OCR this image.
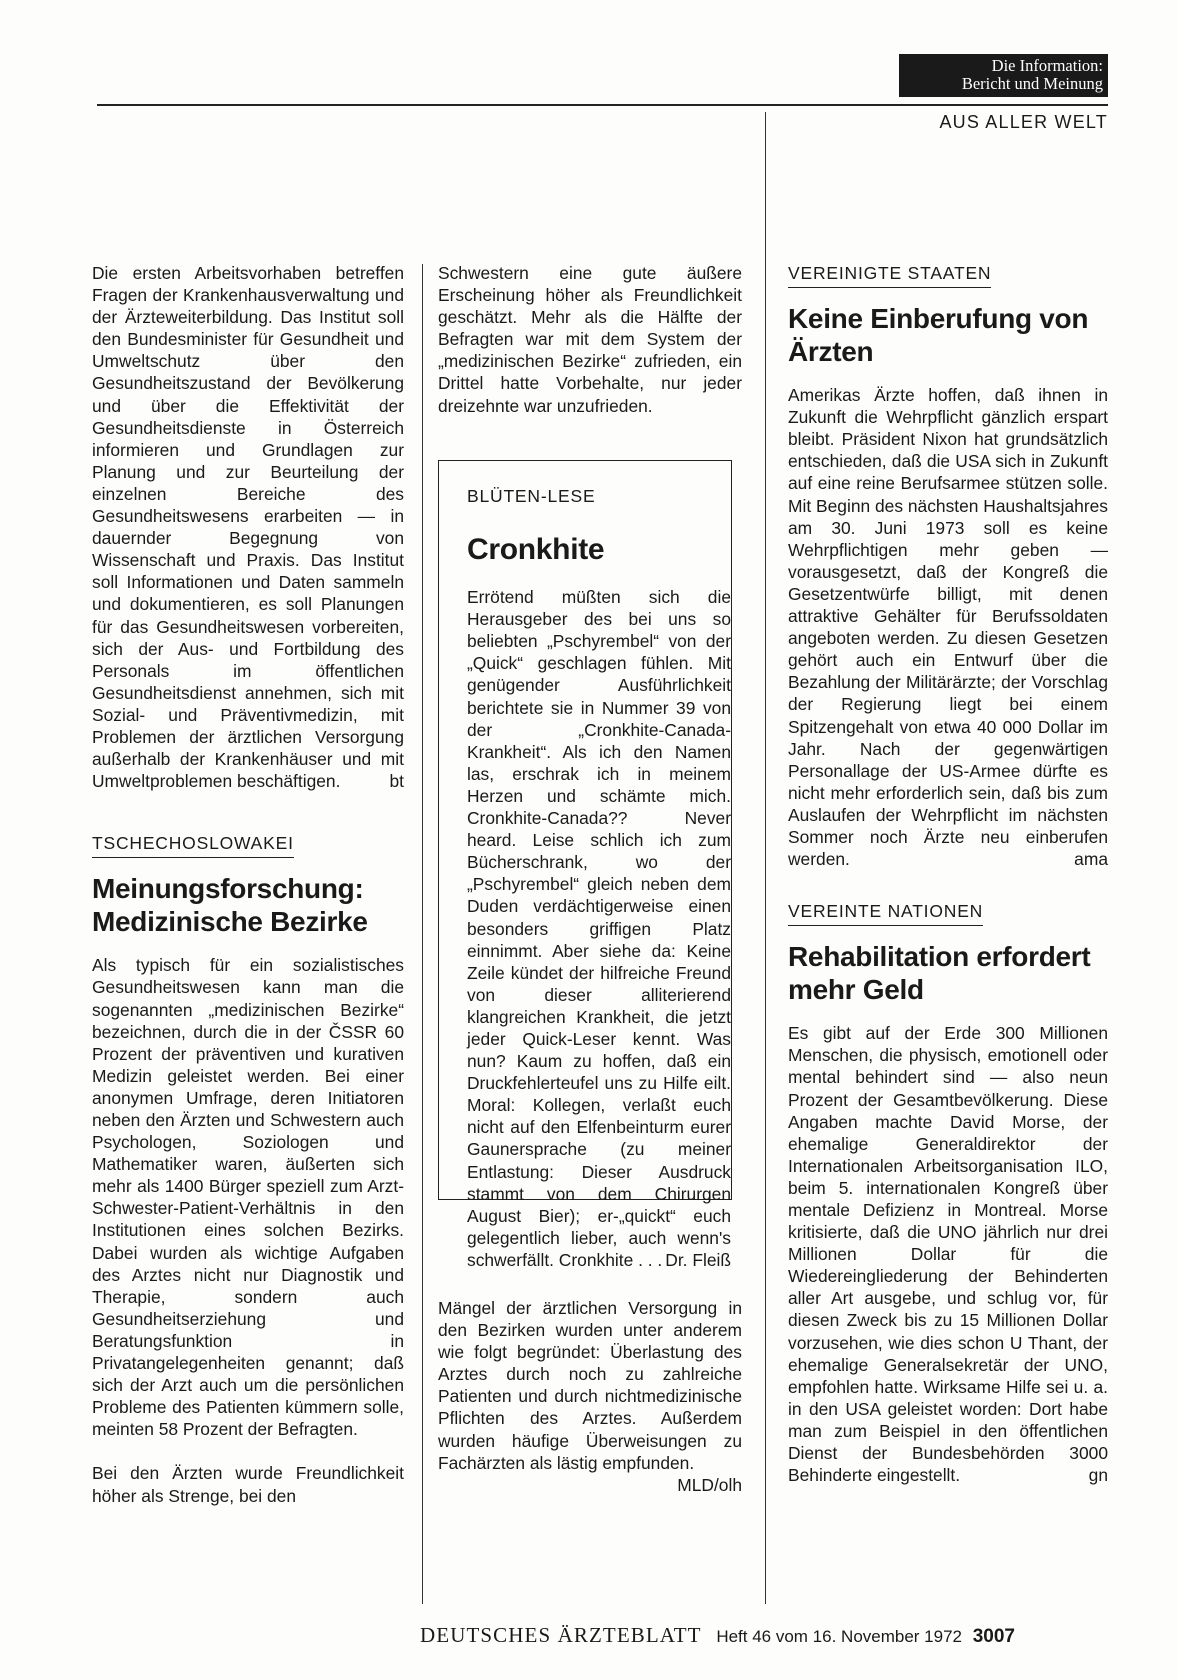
Die Information:
Bericht und Meinung
AUS ALLER WELT

Die ersten Arbeitsvorhaben betreffen Fragen der Krankenhausverwaltung und der Ärzteweiterbildung. Das Institut soll den Bundesminister für Gesundheit und Umweltschutz über den Gesundheitszustand der Bevölkerung und über die Effektivität der Gesundheitsdienste in Österreich informieren und Grundlagen zur Planung und zur Beurteilung der einzelnen Bereiche des Gesundheitswesens erarbeiten — in dauernder Begegnung von Wissenschaft und Praxis. Das Institut soll Informationen und Daten sammeln und dokumentieren, es soll Planungen für das Gesundheitswesen vorbereiten, sich der Aus- und Fortbildung des Personals im öffentlichen Gesundheitsdienst annehmen, sich mit Sozial- und Präventivmedizin, mit Problemen der ärztlichen Versorgung außerhalb der Krankenhäuser und mit Umweltproblemen beschäftigen.	bt

TSCHECHOSLOWAKEI
Meinungsforschung: Medizinische Bezirke

Als typisch für ein sozialistisches Gesundheitswesen kann man die sogenannten „medizinischen Bezirke“ bezeichnen, durch die in der ČSSR 60 Prozent der präventiven und kurativen Medizin geleistet werden. Bei einer anonymen Umfrage, deren Initiatoren neben den Ärzten und Schwestern auch Psychologen, Soziologen und Mathematiker waren, äußerten sich mehr als 1400 Bürger speziell zum Arzt-Schwester-Patient-Verhältnis in den Institutionen eines solchen Bezirks. Dabei wurden als wichtige Aufgaben des Arztes nicht nur Diagnostik und Therapie, sondern auch Gesundheitserziehung und Beratungsfunktion in Privatangelegenheiten genannt; daß sich der Arzt auch um die persönlichen Probleme des Patienten kümmern solle, meinten 58 Prozent der Befragten.

Bei den Ärzten wurde Freundlichkeit höher als Strenge, bei den

Schwestern eine gute äußere Erscheinung höher als Freundlichkeit geschätzt. Mehr als die Hälfte der Befragten war mit dem System der „medizinischen Bezirke“ zufrieden, ein Drittel hatte Vorbehalte, nur jeder dreizehnte war unzufrieden.

BLÜTEN-LESE
Cronkhite

Errötend müßten sich die Herausgeber des bei uns so beliebten „Pschyrembel“ von der „Quick“ geschlagen fühlen. Mit genügender Ausführlichkeit berichtete sie in Nummer 39 von der „Cronkhite-Canada-Krankheit“. Als ich den Namen las, erschrak ich in meinem Herzen und schämte mich. Cronkhite-Canada?? Never heard. Leise schlich ich zum Bücherschrank, wo der „Pschyrembel“ gleich neben dem Duden verdächtigerweise einen besonders griffigen Platz einnimmt. Aber siehe da: Keine Zeile kündet der hilfreiche Freund von dieser alliterierend klangreichen Krankheit, die jetzt jeder Quick-Leser kennt. Was nun? Kaum zu hoffen, daß ein Druckfehlerteufel uns zu Hilfe eilt. Moral: Kollegen, verlaßt euch nicht auf den Elfenbeinturm eurer Gaunersprache (zu meiner Entlastung: Dieser Ausdruck stammt von dem Chirurgen August Bier); er-„quickt“ euch gelegentlich lieber, auch wenn's schwerfällt. Cronkhite . . . Dr. Fleiß

Mängel der ärztlichen Versorgung in den Bezirken wurden unter anderem wie folgt begründet: Überlastung des Arztes durch noch zu zahlreiche Patienten und durch nichtmedizinische Pflichten des Arztes. Außerdem wurden häufige Überweisungen zu Fachärzten als lästig empfunden.
MLD/olh

VEREINIGTE STAATEN
Keine Einberufung von Ärzten

Amerikas Ärzte hoffen, daß ihnen in Zukunft die Wehrpflicht gänzlich erspart bleibt. Präsident Nixon hat grundsätzlich entschieden, daß die USA sich in Zukunft auf eine reine Berufsarmee stützen solle. Mit Beginn des nächsten Haushaltsjahres am 30. Juni 1973 soll es keine Wehrpflichtigen mehr geben — vorausgesetzt, daß der Kongreß die Gesetzentwürfe billigt, mit denen attraktive Gehälter für Berufssoldaten angeboten werden. Zu diesen Gesetzen gehört auch ein Entwurf über die Bezahlung der Militärärzte; der Vorschlag der Regierung liegt bei einem Spitzengehalt von etwa 40 000 Dollar im Jahr. Nach der gegenwärtigen Personallage der US-Armee dürfte es nicht mehr erforderlich sein, daß bis zum Auslaufen der Wehrpflicht im nächsten Sommer noch Ärzte neu einberufen werden.	ama

VEREINTE NATIONEN
Rehabilitation erfordert mehr Geld

Es gibt auf der Erde 300 Millionen Menschen, die physisch, emotionell oder mental behindert sind — also neun Prozent der Gesamtbevölkerung. Diese Angaben machte David Morse, der ehemalige Generaldirektor der Internationalen Arbeitsorganisation ILO, beim 5. internationalen Kongreß über mentale Defizienz in Montreal. Morse kritisierte, daß die UNO jährlich nur drei Millionen Dollar für die Wiedereingliederung der Behinderten aller Art ausgebe, und schlug vor, für diesen Zweck bis zu 15 Millionen Dollar vorzusehen, wie dies schon U Thant, der ehemalige Generalsekretär der UNO, empfohlen hatte. Wirksame Hilfe sei u. a. in den USA geleistet worden: Dort habe man zum Beispiel in den öffentlichen Dienst der Bundesbehörden 3000 Behinderte eingestellt.	gn

DEUTSCHES ÄRZTEBLATT Heft 46 vom 16. November 1972 3007
